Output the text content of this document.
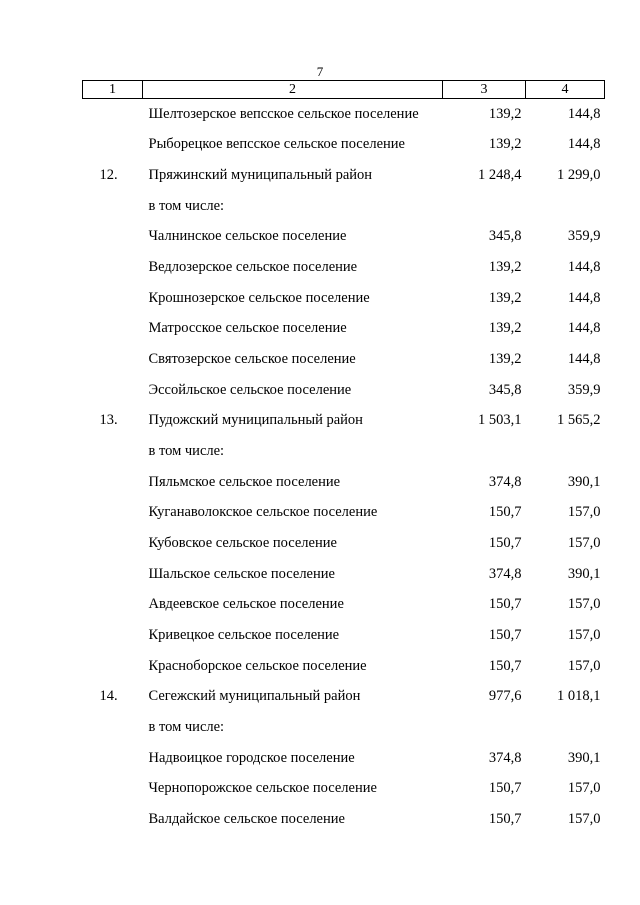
7
1	2	3	4
	Шелтозерское вепсское сельское поселение	139,2	144,8
	Рыборецкое вепсское сельское поселение	139,2	144,8
12.	Пряжинский муниципальный район	1 248,4	1 299,0
	в том числе:		
	Чалнинское сельское поселение	345,8	359,9
	Ведлозерское сельское поселение	139,2	144,8
	Крошнозерское сельское поселение	139,2	144,8
	Матросское сельское поселение	139,2	144,8
	Святозерское сельское поселение	139,2	144,8
	Эссойльское сельское поселение	345,8	359,9
13.	Пудожский муниципальный район	1 503,1	1 565,2
	в том числе:		
	Пяльмское сельское поселение	374,8	390,1
	Куганаволокское сельское поселение	150,7	157,0
	Кубовское сельское поселение	150,7	157,0
	Шальское сельское поселение	374,8	390,1
	Авдеевское сельское поселение	150,7	157,0
	Кривецкое сельское поселение	150,7	157,0
	Красноборское сельское поселение	150,7	157,0
14.	Сегежский муниципальный район	977,6	1 018,1
	в том числе:		
	Надвоицкое городское поселение	374,8	390,1
	Чернопорожское сельское поселение	150,7	157,0
	Валдайское сельское поселение	150,7	157,0
